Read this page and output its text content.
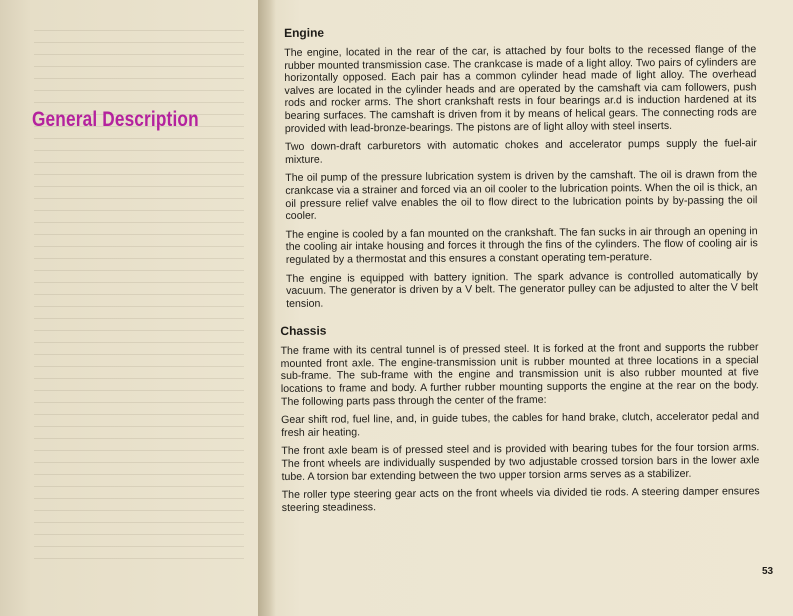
General Description
Engine

The engine, located in the rear of the car, is attached by four bolts to the recessed flange of the rubber mounted transmission case. The crankcase is made of a light alloy. Two pairs of cylinders are horizontally opposed. Each pair has a common cylinder head made of light alloy. The overhead valves are located in the cylinder heads and are operated by the camshaft via cam followers, push rods and rocker arms. The short crankshaft rests in four bearings ar.d is induction hardened at its bearing surfaces. The camshaft is driven from it by means of helical gears. The connecting rods are provided with lead-bronze-bearings. The pistons are of light alloy with steel inserts.

Two down-draft carburetors with automatic chokes and accelerator pumps supply the fuel-air mixture.

The oil pump of the pressure lubrication system is driven by the camshaft. The oil is drawn from the crankcase via a strainer and forced via an oil cooler to the lubrication points. When the oil is thick, an oil pressure relief valve enables the oil to flow direct to the lubrication points by by-passing the oil cooler.

The engine is cooled by a fan mounted on the crankshaft. The fan sucks in air through an opening in the cooling air intake housing and forces it through the fins of the cylinders. The flow of cooling air is regulated by a thermostat and this ensures a constant operating tem-perature.

The engine is equipped with battery ignition. The spark advance is controlled automatically by vacuum. The generator is driven by a V belt. The generator pulley can be adjusted to alter the V belt tension.

Chassis

The frame with its central tunnel is of pressed steel. It is forked at the front and supports the rubber mounted front axle. The engine-transmission unit is rubber mounted at three locations in a special sub-frame. The sub-frame with the engine and transmission unit is also rubber mounted at five locations to frame and body. A further rubber mounting supports the engine at the rear on the body. The following parts pass through the center of the frame:

Gear shift rod, fuel line, and, in guide tubes, the cables for hand brake, clutch, accelerator pedal and fresh air heating.

The front axle beam is of pressed steel and is provided with bearing tubes for the four torsion arms. The front wheels are individually suspended by two adjustable crossed torsion bars in the lower axle tube. A torsion bar extending between the two upper torsion arms serves as a stabilizer.

The roller type steering gear acts on the front wheels via divided tie rods. A steering damper ensures steering steadiness.

53
